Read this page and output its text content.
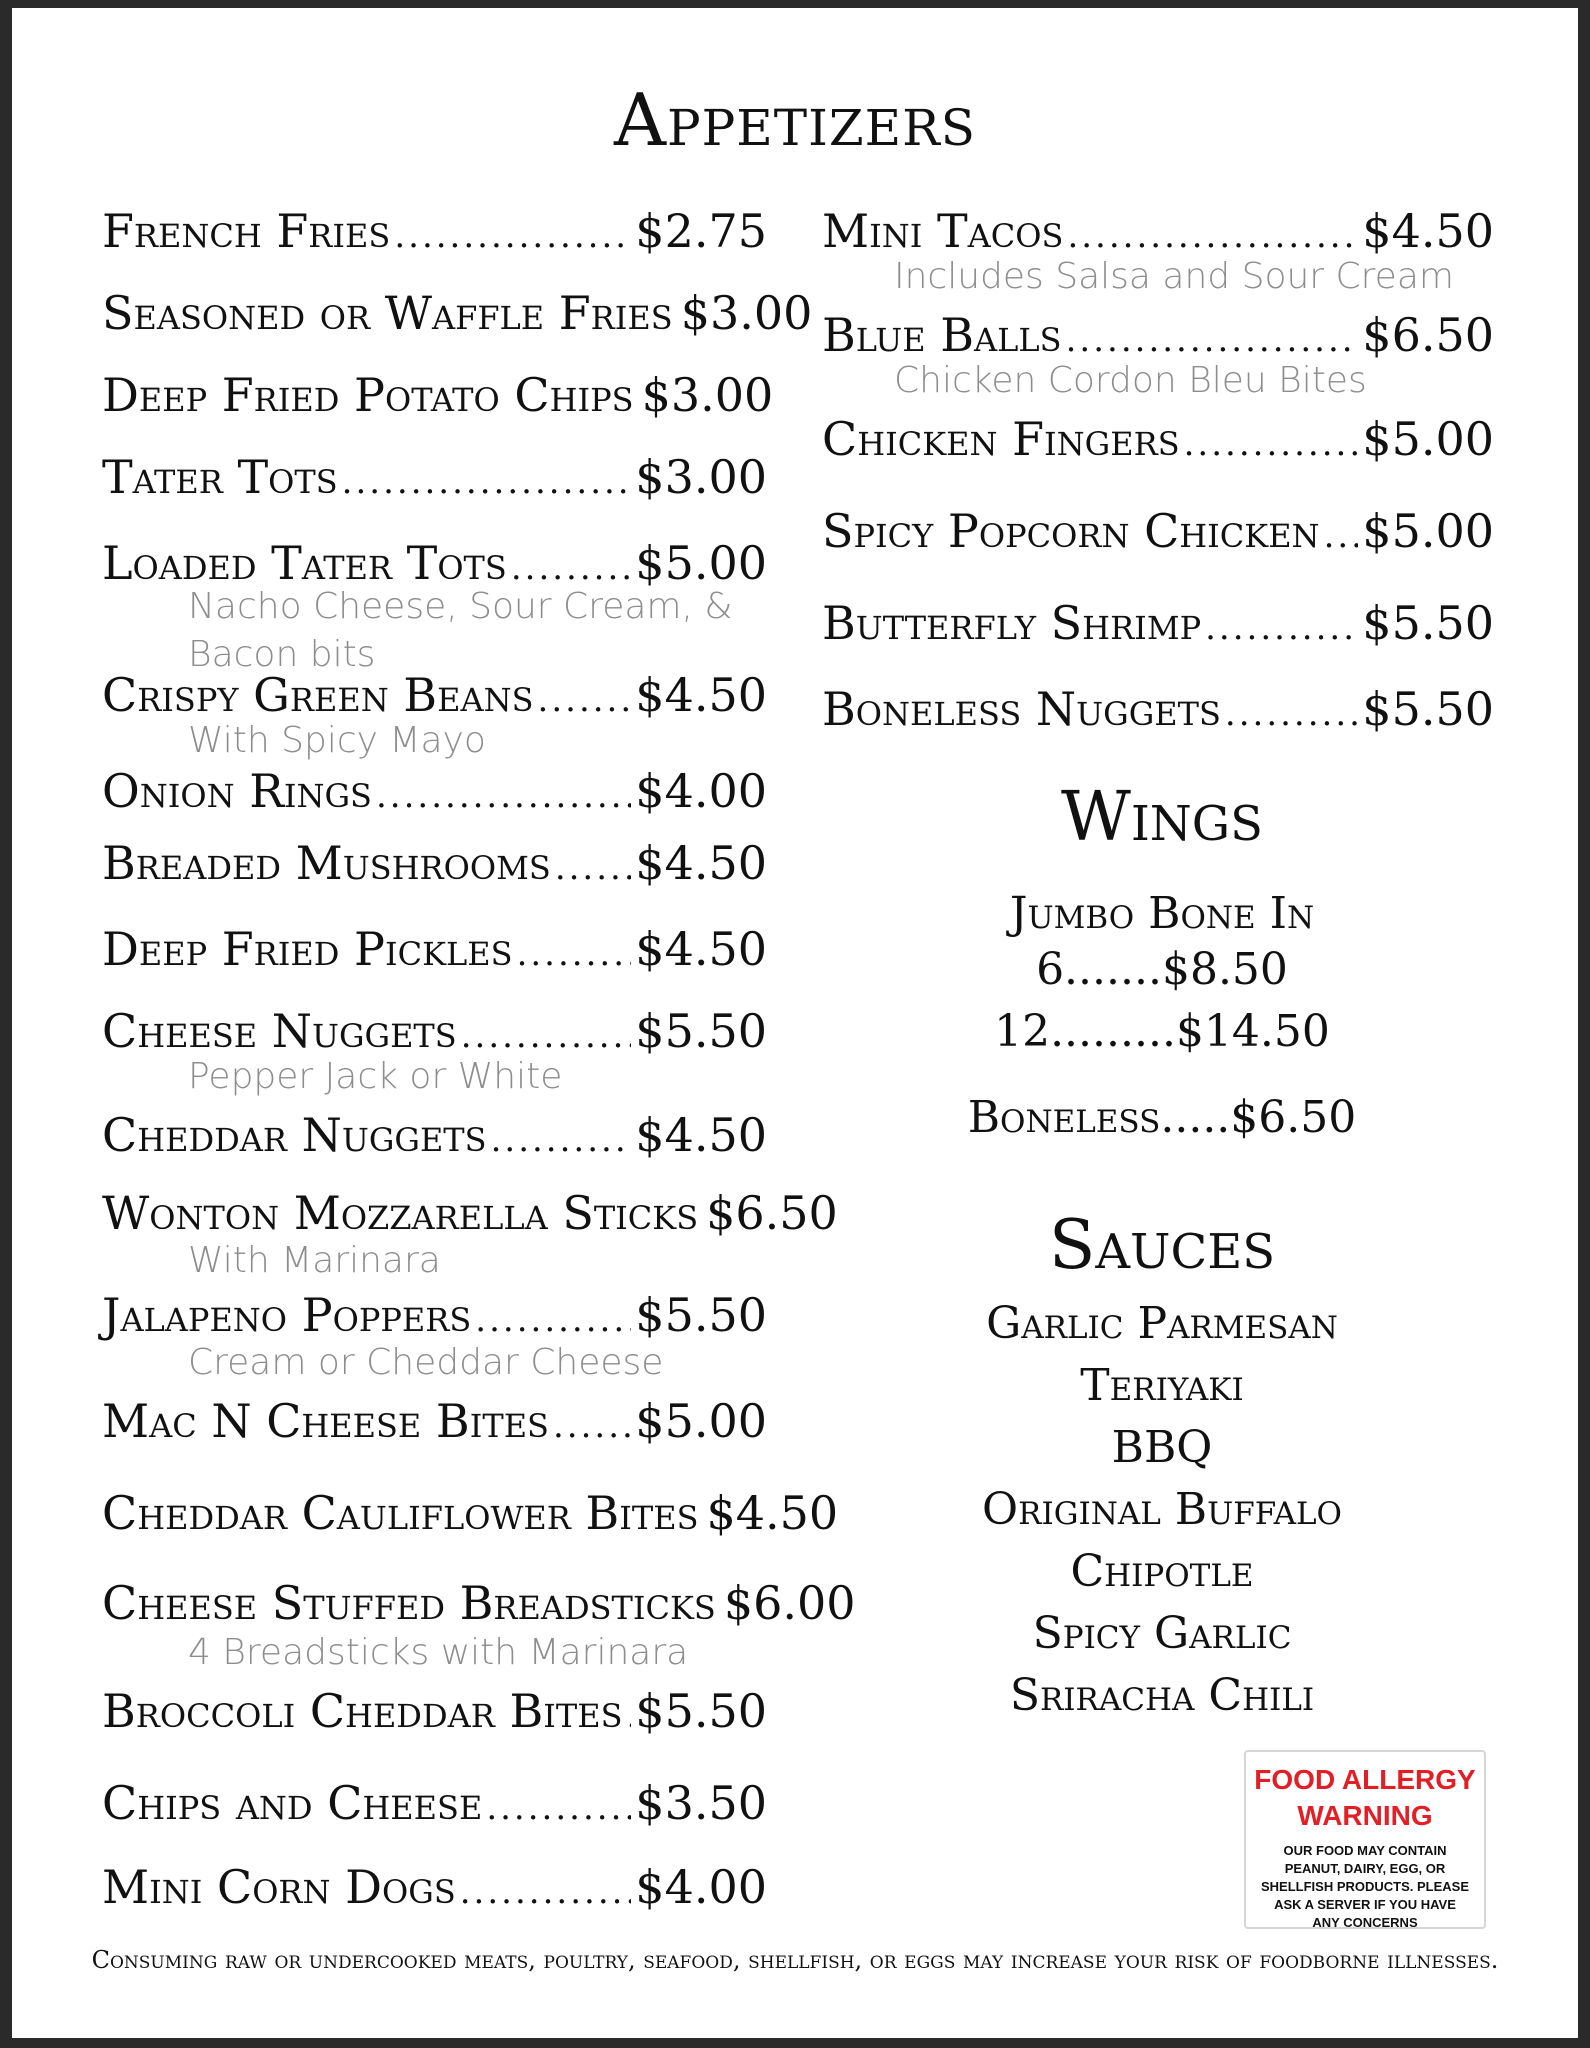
Appetizers
French Fries .....	$2.75
Seasoned or Waffle Fries $3.00
Deep Fried Potato Chips $3.00
Tater Tots .....	$3.00
Loaded Tater Tots .....	$5.00
Nacho Cheese, Sour Cream, &
Bacon bits
Crispy Green Beans ..... $4.50
With Spicy Mayo
Onion Rings .....	$4.00
Breaded Mushrooms ..... $4.50
Deep Fried Pickles .....	$4.50
Cheese Nuggets .....	$5.50
Pepper Jack or White
Cheddar Nuggets .....	$4.50
Wonton Mozzarella Sticks $6.50
With Marinara
Jalapeno Poppers .....	$5.50
Cream or Cheddar Cheese
Mac N Cheese Bites ..... $5.00
Cheddar Cauliflower Bites $4.50
Cheese Stuffed Breadsticks $6.00
4 Breadsticks with Marinara
Broccoli Cheddar Bites ..... $5.50
Chips and Cheese .....	$3.50
Mini Corn Dogs .....	$4.00
Mini Tacos .....	$4.50
Includes Salsa and Sour Cream
Blue Balls .....	$6.50
Chicken Cordon Bleu Bites
Chicken Fingers .....	$5.00
Spicy Popcorn Chicken ..... $5.00
Butterfly Shrimp .....	$5.50
Boneless Nuggets .....	$5.50
Wings
Jumbo Bone In
6.......$8.50
12.........$14.50
Boneless.....$6.50
Sauces
Garlic Parmesan
Teriyaki
BBQ
Original Buffalo
Chipotle
Spicy Garlic
Sriracha Chili
FOOD ALLERGY
WARNING
OUR FOOD MAY CONTAIN
PEANUT, DAIRY, EGG, OR
SHELLFISH PRODUCTS. PLEASE
ASK A SERVER IF YOU HAVE
ANY CONCERNS
Consuming raw or undercooked meats, poultry, seafood, shellfish, or eggs may increase your risk of foodborne illnesses.
